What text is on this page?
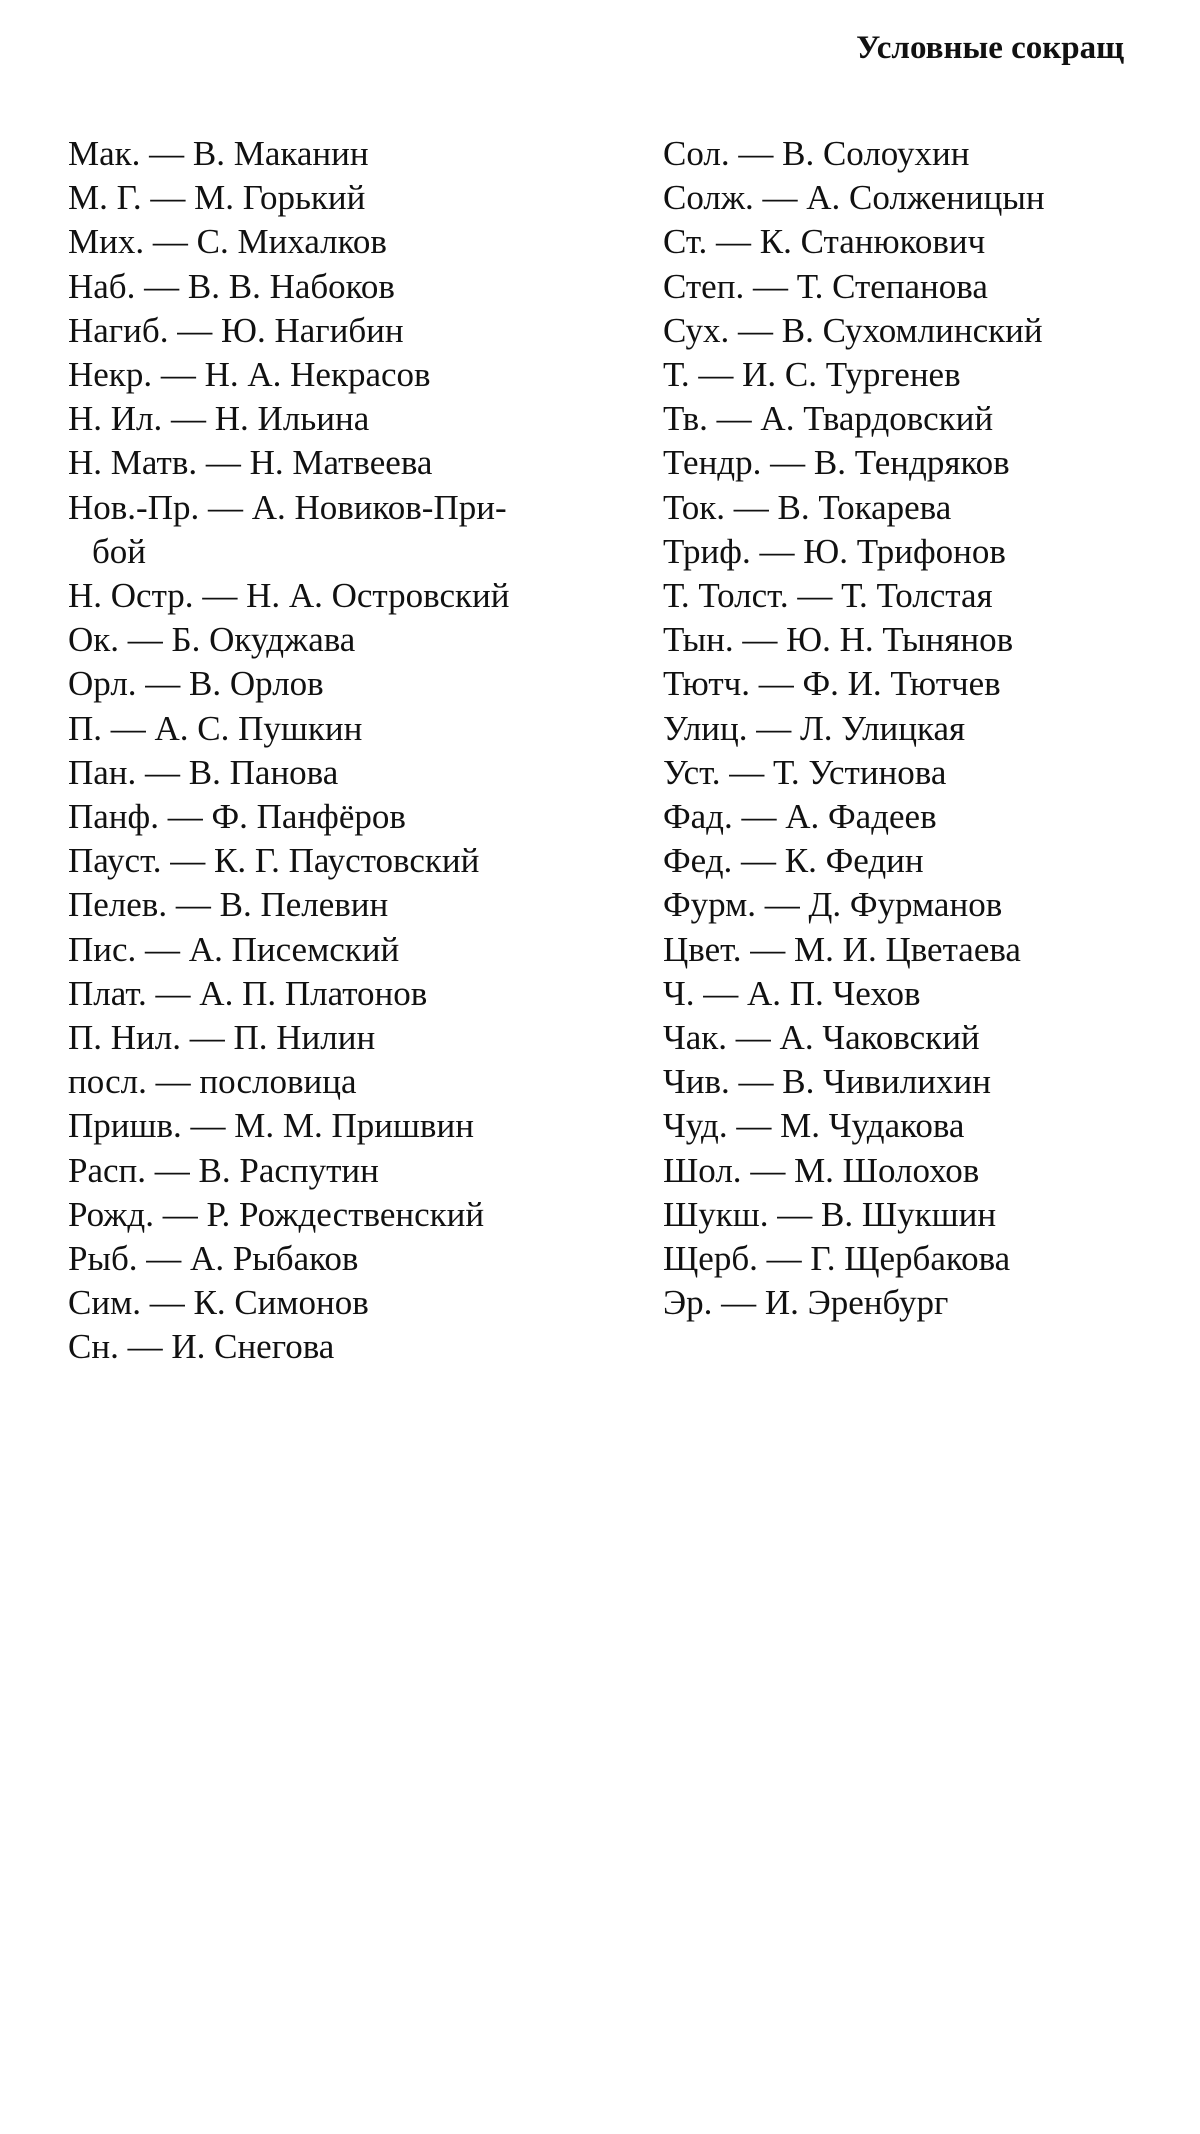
Условные сокращ
Мак. — В. Маканин
М. Г. — М. Горький
Мих. — С. Михалков
Наб. — В. В. Набоков
Нагиб. — Ю. Нагибин
Некр. — Н. А. Некрасов
Н. Ил. — Н. Ильина
Н. Матв. — Н. Матвеева
Нов.-Пр. — А. Новиков-При-
бой
Н. Остр. — Н. А. Островский
Ок. — Б. Окуджава
Орл. — В. Орлов
П. — А. С. Пушкин
Пан. — В. Панова
Панф. — Ф. Панфёров
Пауст. — К. Г. Паустовский
Пелев. — В. Пелевин
Пис. — А. Писемский
Плат. — А. П. Платонов
П. Нил. — П. Нилин
посл. — пословица
Пришв. — М. М. Пришвин
Расп. — В. Распутин
Рожд. — Р. Рождественский
Рыб. — А. Рыбаков
Сим. — К. Симонов
Сн. — И. Снегова
Сол. — В. Солоухин
Солж. — А. Солженицын
Ст. — К. Станюкович
Степ. — Т. Степанова
Сух. — В. Сухомлинский
Т. — И. С. Тургенев
Тв. — А. Твардовский
Тендр. — В. Тендряков
Ток. — В. Токарева
Триф. — Ю. Трифонов
Т. Толст. — Т. Толстая
Тын. — Ю. Н. Тынянов
Тютч. — Ф. И. Тютчев
Улиц. — Л. Улицкая
Уст. — Т. Устинова
Фад. — А. Фадеев
Фед. — К. Федин
Фурм. — Д. Фурманов
Цвет. — М. И. Цветаева
Ч. — А. П. Чехов
Чак. — А. Чаковский
Чив. — В. Чивилихин
Чуд. — М. Чудакова
Шол. — М. Шолохов
Шукш. — В. Шукшин
Щерб. — Г. Щербакова
Эр. — И. Эренбург
